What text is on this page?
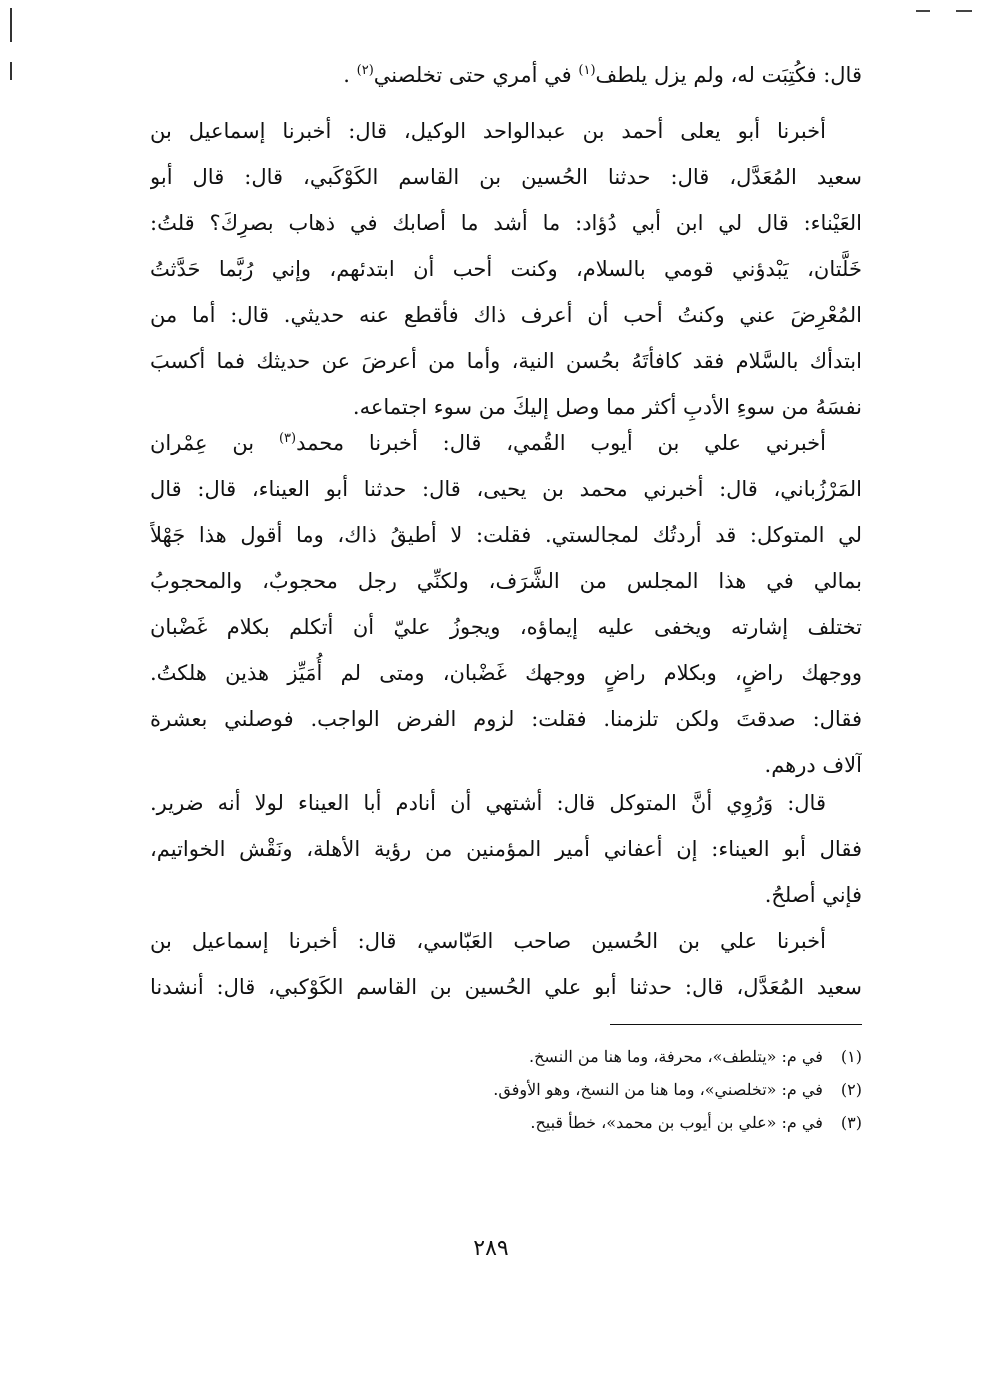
قال: فكُتِبَت له، ولم يزل يلطف$^{(١)}$ في أمري حتى تخلصني$^{(٢)}$ .
أخبرنا أبو يعلى أحمد بن عبدالواحد الوكيل، قال: أخبرنا إسماعيل بن
سعيد المُعَدَّل، قال: حدثنا الحُسين بن القاسم الكَوْكَبي، قال: قال أبو
العَيْناء: قال لي ابن أبي دُؤاد: ما أشد ما أصابك في ذهاب بصرِكَ؟ قلتُ:
خَلَّتان، يَبْدؤني قومي بالسلام، وكنت أحب أن ابتدئهم، وإني رُبَّما حَدَّثتُ
المُعْرِضَ عني وكنتُ أحب أن أعرف ذاك فأقطع عنه حديثي. قال: أما من
ابتدأك بالسَّلام فقد كافأتَهُ بحُسن النية، وأما من أعرضَ عن حديثك فما أكسبَ
نفسَهُ من سوءِ الأدبِ أكثر مما وصل إليكَ من سوء اجتماعه.
أخبرني علي بن أيوب القُمي، قال: أخبرنا محمد$^{(٣)}$ بن عِمْران
المَرْزُباني، قال: أخبرني محمد بن يحيى، قال: حدثنا أبو العيناء، قال: قال
لي المتوكل: قد أردتُك لمجالستي. فقلت: لا أطيقُ ذاك، وما أقول هذا جَهْلاً
بمالي في هذا المجلس من الشَّرَف، ولكنِّي رجل محجوبٌ، والمحجوبُ
تختلف إشارته ويخفى عليه إيماؤه، ويجوزُ عليّ أن أتكلم بكلام غَضْبان
ووجهك راضٍ، وبكلام راضٍ ووجهك غَضْبان، ومتى لم أُمَيِّز هذين هلكتُ.
فقال: صدقتَ ولكن تلزمنا. فقلت: لزوم الفرض الواجب. فوصلني بعشرة
آلاف درهم.
قال: وَرُوِي أنَّ المتوكل قال: أشتهي أن أنادم أبا العيناء لولا أنه ضرير.
فقال أبو العيناء: إن أعفاني أمير المؤمنين من رؤية الأهلة، ونَقْش الخواتيم،
فإني أصلحُ.
أخبرنا علي بن الحُسين صاحب العَبّاسي، قال: أخبرنا إسماعيل بن
سعيد المُعَدَّل، قال: حدثنا أبو علي الحُسين بن القاسم الكَوْكبي، قال: أنشدنا
(١) في م: «يتلطف»، محرفة، وما هنا من النسخ.
(٢) في م: «تخلصني»، وما هنا من النسخ، وهو الأوفق.
(٣) في م: «علي بن أيوب بن محمد»، خطأ قبيح.
٢٨٩
